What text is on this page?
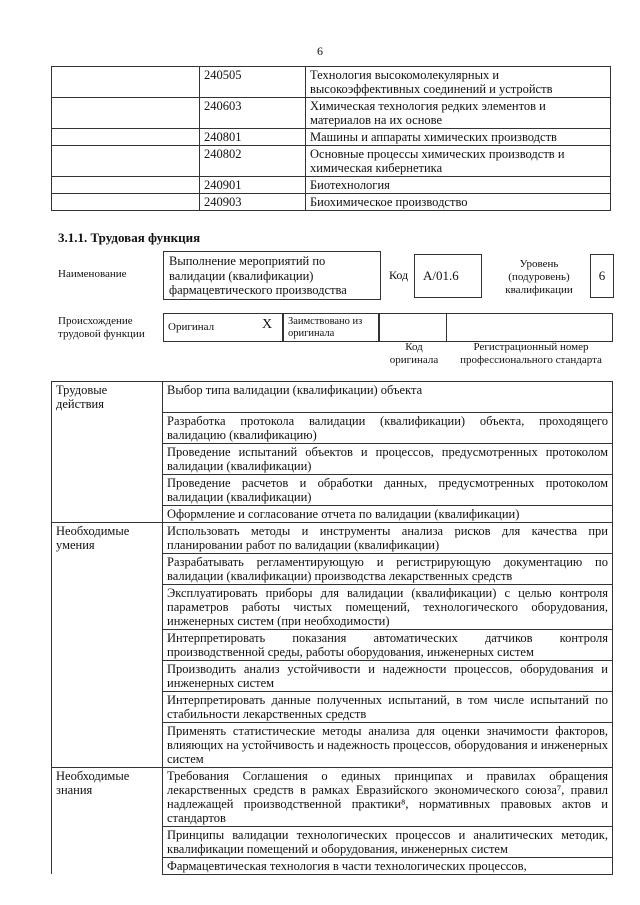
6
	240505	Технология высокомолекулярных и высокоэффективных соединений и устройств
	240603	Химическая технология редких элементов и материалов на их основе
	240801	Машины и аппараты химических производств
	240802	Основные процессы химических производств и химическая кибернетика
	240901	Биотехнология
	240903	Биохимическое производство
3.1.1. Трудовая функция
Наименование
Выполнение мероприятий по валидации (квалификации) фармацевтического производства
Код	A/01.6
Уровень (подуровень) квалификации
6
Происхождение трудовой функции
Оригинал	X Заимствовано из оригинала
Код оригинала
Регистрационный номер профессионального стандарта
Трудовые действия	Выбор типа валидации (квалификации) объекта
	Разработка протокола валидации (квалификации) объекта, проходящего валидацию (квалификацию)
	Проведение испытаний объектов и процессов, предусмотренных протоколом валидации (квалификации)
	Проведение расчетов и обработки данных, предусмотренных протоколом валидации (квалификации)
	Оформление и согласование отчета по валидации (квалификации)
Необходимые умения	Использовать методы и инструменты анализа рисков для качества при планировании работ по валидации (квалификации)
	Разрабатывать регламентирующую и регистрирующую документацию по валидации (квалификации) производства лекарственных средств
	Эксплуатировать приборы для валидации (квалификации) с целью контроля параметров работы чистых помещений, технологического оборудования, инженерных систем (при необходимости)
	Интерпретировать показания автоматических датчиков контроля производственной среды, работы оборудования, инженерных систем
	Производить анализ устойчивости и надежности процессов, оборудования и инженерных систем
	Интерпретировать данные полученных испытаний, в том числе испытаний по стабильности лекарственных средств
	Применять статистические методы анализа для оценки значимости факторов, влияющих на устойчивость и надежность процессов, оборудования и инженерных систем
Необходимые знания	Требования Соглашения о единых принципах и правилах обращения лекарственных средств в рамках Евразийского экономического союза⁷, правил надлежащей производственной практики⁸, нормативных правовых актов и стандартов
	Принципы валидации технологических процессов и аналитических методик, квалификации помещений и оборудования, инженерных систем
	Фармацевтическая технология в части технологических процессов,
